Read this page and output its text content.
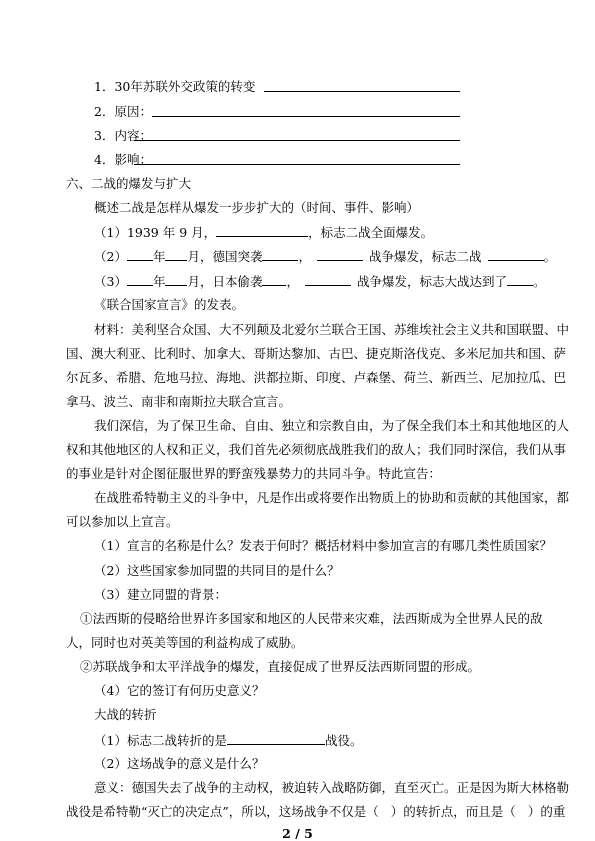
1．30年苏联外交政策的转变
2．原因：
3．内容：
4．影响：
六、二战的爆发与扩大
概述二战是怎样从爆发一步步扩大的（时间、事件、影响）
（1）1939 年 9 月，	，标志二战全面爆发。
（2） 年 月，德国突袭	，	战争爆发，标志二战	。
（3） 年 月，日本偷袭 ，	战争爆发，标志大战达到了 。
《联合国家宣言》的发表。
材料：美利坚合众国、大不列颠及北爱尔兰联合王国、苏维埃社会主义共和国联盟、中
国、澳大利亚、比利时、加拿大、哥斯达黎加、古巴、捷克斯洛伐克、多米尼加共和国、萨
尔瓦多、希腊、危地马拉、海地、洪都拉斯、印度、卢森堡、荷兰、新西兰、尼加拉瓜、巴
拿马、波兰、南非和南斯拉夫联合宣言。
我们深信，为了保卫生命、自由、独立和宗教自由，为了保全我们本土和其他地区的人
权和其他地区的人权和正义，我们首先必须彻底战胜我们的敌人；我们同时深信，我们从事
的事业是针对企图征服世界的野蛮残暴势力的共同斗争。特此宣告：
在战胜希特勒主义的斗争中，凡是作出或将要作出物质上的协助和贡献的其他国家，都
可以参加以上宣言。
（1）宣言的名称是什么？发表于何时？概括材料中参加宣言的有哪几类性质国家？
（2）这些国家参加同盟的共同目的是什么？
（3）建立同盟的背景：
①法西斯的侵略给世界许多国家和地区的人民带来灾难，法西斯成为全世界人民的敌
人，同时也对英美等国的利益构成了威胁。
②苏联战争和太平洋战争的爆发，直接促成了世界反法西斯同盟的形成。
（4）它的签订有何历史意义？
大战的转折
（1）标志二战转折的是	战役。
（2）这场战争的意义是什么？
意义：德国失去了战争的主动权，被迫转入战略防御，直至灭亡。正是因为斯大林格勒
战役是希特勒“灭亡的决定点”，所以，这场战争不仅是（ ）的转折点，而且是（ ）的重
2 / 5
